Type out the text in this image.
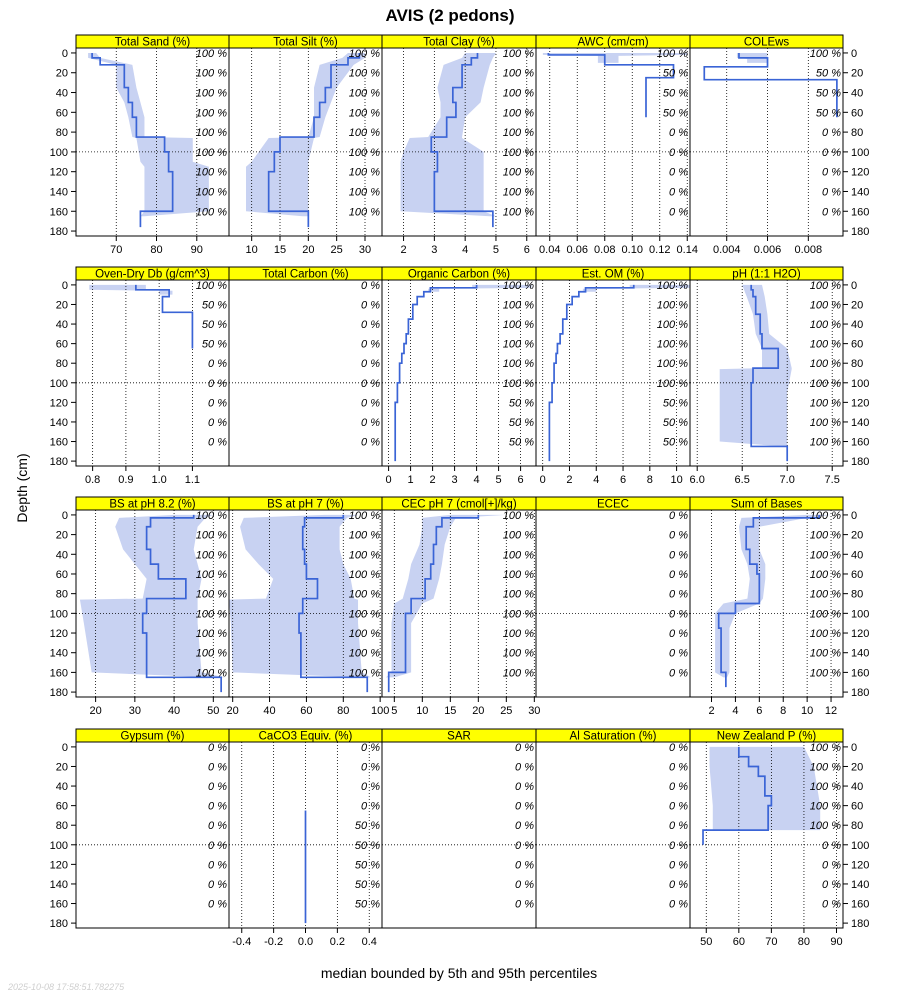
AVIS (2 pedons)
Depth (cm)
median bounded by 5th and 95th percentiles
2025-10-08 17:58:51.782275
Total Sand (%)
100 %
100 %
100 %
100 %
100 %
100 %
100 %
100 %
100 %
70	80	90
Total Silt (%)
100 %
100 %
100 %
100 %
100 %
100 %
100 %
100 %
100 %
10 15 20 25 30
Total Clay (%)
100 %
100 %
100 %
100 %
100 %
100 %
100 %
100 %
100 %
2 3 4 5 6
AWC (cm/cm)
100 %
50 %
50 %
50 %
0 %
0 %
0 %
0 %
0 %
0.04 0.06 0.08 0.10 0.12 0.14
COLEws
100 %
50 %
50 %
50 %
0 %
0 %
0 %
0 %
0 %
0.004 0.006 0.008
0	0
20	20
40	40
60	60
80	80
100	100
120	120
140	140
160	160
180	180
Oven-Dry Db (g/cm^3)
100 %
50 %
50 %
50 %
0 %
0 %
0 %
0 %
0 %
0.8 0.9 1.0 1.1
Total Carbon (%)
0 %
0 %
0 %
0 %
0 %
0 %
0 %
0 %
0 %
Organic Carbon (%)
100 %
100 %
100 %
100 %
100 %
100 %
50 %
50 %
50 %
0 1 2 3 4 5 6
Est. OM (%)
100 %
100 %
100 %
100 %
100 %
100 %
50 %
50 %
50 %
0 2 4 6 8 10
pH (1:1 H2O)
100 %
100 %
100 %
100 %
100 %
100 %
100 %
100 %
100 %
6.0	6.5	7.0	7.5
0	0
20	20
40	40
60	60
80	80
100	100
120	120
140	140
160	160
180	180
BS at pH 8.2 (%)
100 %
100 %
100 %
100 %
100 %
100 %
100 %
100 %
100 %
20 30 40 50
BS at pH 7 (%)
100 %
100 %
100 %
100 %
100 %
100 %
100 %
100 %
100 %
20 40 60 80 100
CEC pH 7 (cmol[+]/kg)
100 %
100 %
100 %
100 %
100 %
100 %
100 %
100 %
100 %
5 10 15 20 25 30
ECEC
0 %
0 %
0 %
0 %
0 %
0 %
0 %
0 %
0 %
Sum of Bases
100 %
100 %
100 %
100 %
100 %
100 %
100 %
100 %
100 %
2 4 6 8 10 12
0	0
20	20
40	40
60	60
80	80
100	100
120	120
140	140
160	160
180	180
Gypsum (%)
0 %
0 %
0 %
0 %
0 %
0 %
0 %
0 %
0 %
CaCO3 Equiv. (%)
0 %
0 %
0 %
0 %
50 %
50 %
50 %
50 %
50 %
-0.4 -0.2 0.0 0.2 0.4
SAR
0 %
0 %
0 %
0 %
0 %
0 %
0 %
0 %
0 %
Al Saturation (%)
0 %
0 %
0 %
0 %
0 %
0 %
0 %
0 %
0 %
New Zealand P (%)
100 %
100 %
100 %
100 %
100 %
0 %
0 %
0 %
0 %
50 60 70 80 90
0	0
20	20
40	40
60	60
80	80
100	100
120	120
140	140
160	160
180	180
